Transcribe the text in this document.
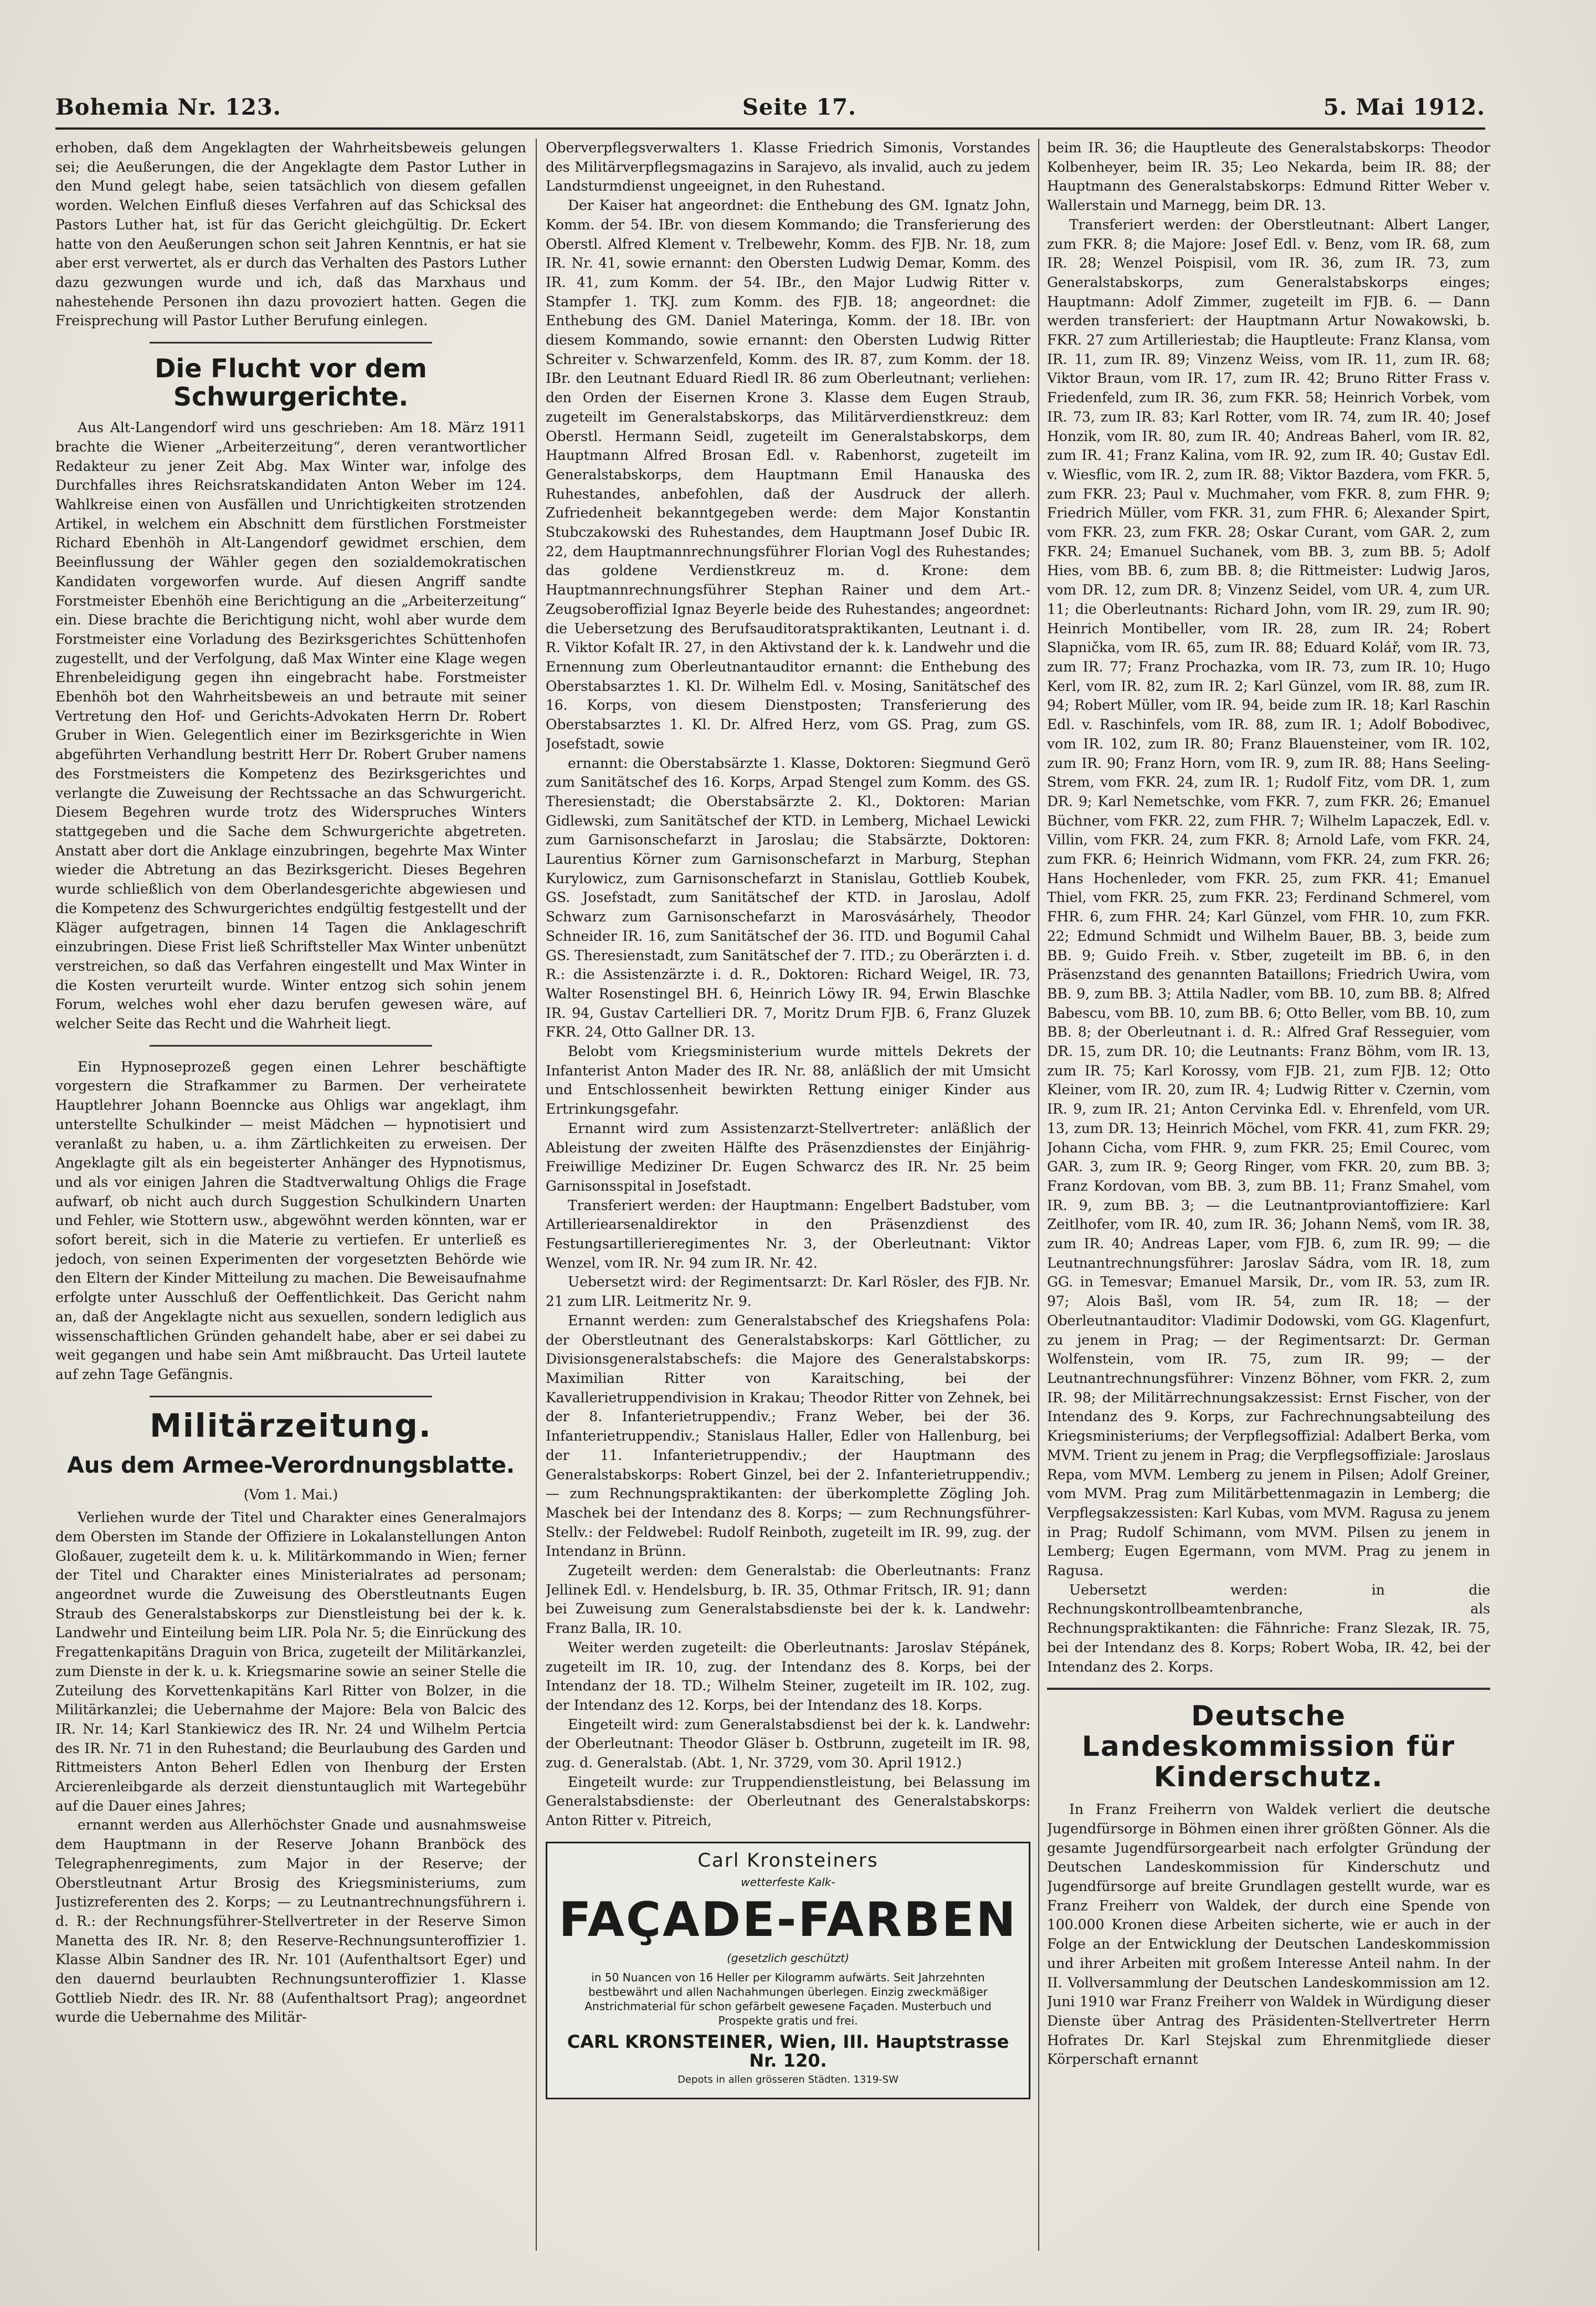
Bohemia Nr. 123.	Seite 17.	5. Mai 1912.

erhoben, daß dem Angeklagten der Wahrheitsbeweis gelungen sei; die Aeußerungen, die der Angeklagte dem Pastor Luther in den Mund gelegt habe, seien tatsächlich von diesem gefallen worden. Welchen Einfluß dieses Verfahren auf das Schicksal des Pastors Luther hat, ist für das Gericht gleichgültig. Dr. Eckert hatte von den Aeußerungen schon seit Jahren Kenntnis, er hat sie aber erst verwertet, als er durch das Verhalten des Pastors Luther dazu gezwungen wurde und ich, daß das Marxhaus und nahestehende Personen ihn dazu provoziert hatten. Gegen die Freisprechung will Pastor Luther Berufung einlegen.

Die Flucht vor dem Schwurgerichte.

Aus Alt-Langendorf wird uns geschrieben: Am 18. März 1911 brachte die Wiener „Arbeiterzeitung“, deren verantwortlicher Redakteur zu jener Zeit Abg. Max Winter war, infolge des Durchfalles ihres Reichsratskandidaten Anton Weber im 124. Wahlkreise einen von Ausfällen und Unrichtigkeiten strotzenden Artikel, in welchem ein Abschnitt dem fürstlichen Forstmeister Richard Ebenhöh in Alt-Langendorf gewidmet erschien, dem Beeinflussung der Wähler gegen den sozialdemokratischen Kandidaten vorgeworfen wurde. Auf diesen Angriff sandte Forstmeister Ebenhöh eine Berichtigung an die „Arbeiterzeitung“ ein. Diese brachte die Berichtigung nicht, wohl aber wurde dem Forstmeister eine Vorladung des Bezirksgerichtes Schüttenhofen zugestellt, und der Verfolgung, daß Max Winter eine Klage wegen Ehrenbeleidigung gegen ihn eingebracht habe. Forstmeister Ebenhöh bot den Wahrheitsbeweis an und betraute mit seiner Vertretung den Hof- und Gerichts-Advokaten Herrn Dr. Robert Gruber in Wien. Gelegentlich einer im Bezirksgerichte in Wien abgeführten Verhandlung bestritt Herr Dr. Robert Gruber namens des Forstmeisters die Kompetenz des Bezirksgerichtes und verlangte die Zuweisung der Rechtssache an das Schwurgericht. Diesem Begehren wurde trotz des Widerspruches Winters stattgegeben und die Sache dem Schwurgerichte abgetreten. Anstatt aber dort die Anklage einzubringen, begehrte Max Winter wieder die Abtretung an das Bezirksgericht. Dieses Begehren wurde schließlich von dem Oberlandesgerichte abgewiesen und die Kompetenz des Schwurgerichtes endgültig festgestellt und der Kläger aufgetragen, binnen 14 Tagen die Anklageschrift einzubringen. Diese Frist ließ Schriftsteller Max Winter unbenützt verstreichen, so daß das Verfahren eingestellt und Max Winter in die Kosten verurteilt wurde. Winter entzog sich sohin jenem Forum, welches wohl eher dazu berufen gewesen wäre, auf welcher Seite das Recht und die Wahrheit liegt.

Ein Hypnoseprozeß gegen einen Lehrer beschäftigte vorgestern die Strafkammer zu Barmen. Der verheiratete Hauptlehrer Johann Boenncke aus Ohligs war angeklagt, ihm unterstellte Schulkinder — meist Mädchen — hypnotisiert und veranlaßt zu haben, u. a. ihm Zärtlichkeiten zu erweisen. Der Angeklagte gilt als ein begeisterter Anhänger des Hypnotismus, und als vor einigen Jahren die Stadtverwaltung Ohligs die Frage aufwarf, ob nicht auch durch Suggestion Schulkindern Unarten und Fehler, wie Stottern usw., abgewöhnt werden könnten, war er sofort bereit, sich in die Materie zu vertiefen. Er unterließ es jedoch, von seinen Experimenten der vorgesetzten Behörde wie den Eltern der Kinder Mitteilung zu machen. Die Beweisaufnahme erfolgte unter Ausschluß der Oeffentlichkeit. Das Gericht nahm an, daß der Angeklagte nicht aus sexuellen, sondern lediglich aus wissenschaftlichen Gründen gehandelt habe, aber er sei dabei zu weit gegangen und habe sein Amt mißbraucht. Das Urteil lautete auf zehn Tage Gefängnis.

Militärzeitung.
Aus dem Armee-Verordnungsblatte.
(Vom 1. Mai.)

Verliehen wurde der Titel und Charakter eines Generalmajors dem Obersten im Stande der Offiziere in Lokalanstellungen Anton Gloßauer, zugeteilt dem k. u. k. Militärkommando in Wien; ferner der Titel und Charakter eines Ministerialrates ad personam; angeordnet wurde die Zuweisung des Oberstleutnants Eugen Straub des Generalstabskorps zur Dienstleistung bei der k. k. Landwehr und Einteilung beim LIR. Pola Nr. 5; die Einrückung des Fregattenkapitäns Draguin von Brica, zugeteilt der Militärkanzlei, zum Dienste in der k. u. k. Kriegsmarine sowie an seiner Stelle die Zuteilung des Korvettenkapitäns Karl Ritter von Bolzer, in die Militärkanzlei; die Uebernahme der Majore: Bela von Balcic des IR. Nr. 14; Karl Stankiewicz des IR. Nr. 24 und Wilhelm Pertcia des IR. Nr. 71 in den Ruhestand; die Beurlaubung des Garden und Rittmeisters Anton Beherl Edlen von Ihenburg der Ersten Arcierenleibgarde als derzeit dienstuntauglich mit Wartegebühr auf die Dauer eines Jahres;

ernannt werden aus Allerhöchster Gnade und ausnahmsweise dem Hauptmann in der Reserve Johann Branböck des Telegraphenregiments, zum Major in der Reserve; der Oberstleutnant Artur Brosig des Kriegsministeriums, zum Justizreferenten des 2. Korps; — zu Leutnantrechnungsführern i. d. R.: der Rechnungsführer-Stellvertreter in der Reserve Simon Manetta des IR. Nr. 8; den Reserve-Rechnungsunteroffizier 1. Klasse Albin Sandner des IR. Nr. 101 (Aufenthaltsort Eger) und den dauernd beurlaubten Rechnungsunteroffizier 1. Klasse Gottlieb Niedr. des IR. Nr. 88 (Aufenthaltsort Prag); angeordnet wurde die Uebernahme des Militär-

Oberverpflegsverwalters 1. Klasse Friedrich Simonis, Vorstandes des Militärverpflegsmagazins in Sarajevo, als invalid, auch zu jedem Landsturmdienst ungeeignet, in den Ruhestand.

Der Kaiser hat angeordnet: die Enthebung des GM. Ignatz John, Komm. der 54. IBr. von diesem Kommando; die Transferierung des Oberstl. Alfred Klement v. Trelbewehr, Komm. des FJB. Nr. 18, zum IR. Nr. 41, sowie ernannt: den Obersten Ludwig Demar, Komm. des IR. 41, zum Komm. der 54. IBr., den Major Ludwig Ritter v. Stampfer 1. TKJ. zum Komm. des FJB. 18; angeordnet: die Enthebung des GM. Daniel Materinga, Komm. der 18. IBr. von diesem Kommando, sowie ernannt: den Obersten Ludwig Ritter Schreiter v. Schwarzenfeld, Komm. des IR. 87, zum Komm. der 18. IBr. den Leutnant Eduard Riedl IR. 86 zum Oberleutnant; verliehen: den Orden der Eisernen Krone 3. Klasse dem Eugen Straub, zugeteilt im Generalstabskorps, das Militärverdienstkreuz: dem Oberstl. Hermann Seidl, zugeteilt im Generalstabskorps, dem Hauptmann Alfred Brosan Edl. v. Rabenhorst, zugeteilt im Generalstabskorps, dem Hauptmann Emil Hanauska des Ruhestandes, anbefohlen, daß der Ausdruck der allerh. Zufriedenheit bekanntgegeben werde: dem Major Konstantin Stubczakowski des Ruhestandes, dem Hauptmann Josef Dubic IR. 22, dem Hauptmannrechnungsführer Florian Vogl des Ruhestandes; das goldene Verdienstkreuz m. d. Krone: dem Hauptmannrechnungsführer Stephan Rainer und dem Art.-Zeugsoberoffizial Ignaz Beyerle beide des Ruhestandes; angeordnet: die Uebersetzung des Berufsauditoratspraktikanten, Leutnant i. d. R. Viktor Kofalt IR. 27, in den Aktivstand der k. k. Landwehr und die Ernennung zum Oberleutnantauditor ernannt: die Enthebung des Oberstabsarztes 1. Kl. Dr. Wilhelm Edl. v. Mosing, Sanitätschef des 16. Korps, von diesem Dienstposten; Transferierung des Oberstabsarztes 1. Kl. Dr. Alfred Herz, vom GS. Prag, zum GS. Josefstadt, sowie

ernannt: die Oberstabsärzte 1. Klasse, Doktoren: Siegmund Gerö zum Sanitätschef des 16. Korps, Arpad Stengel zum Komm. des GS. Theresienstadt; die Oberstabsärzte 2. Kl., Doktoren: Marian Gidlewski, zum Sanitätschef der KTD. in Lemberg, Michael Lewicki zum Garnisonschefarzt in Jaroslau; die Stabsärzte, Doktoren: Laurentius Körner zum Garnisonschefarzt in Marburg, Stephan Kurylowicz, zum Garnisonschefarzt in Stanislau, Gottlieb Koubek, GS. Josefstadt, zum Sanitätschef der KTD. in Jaroslau, Adolf Schwarz zum Garnisonschefarzt in Marosvásárhely, Theodor Schneider IR. 16, zum Sanitätschef der 36. ITD. und Bogumil Cahal GS. Theresienstadt, zum Sanitätschef der 7. ITD.; zu Oberärzten i. d. R.: die Assistenzärzte i. d. R., Doktoren: Richard Weigel, IR. 73, Walter Rosenstingel BH. 6, Heinrich Löwy IR. 94, Erwin Blaschke IR. 94, Gustav Cartellieri DR. 7, Moritz Drum FJB. 6, Franz Gluzek FKR. 24, Otto Gallner DR. 13.

Belobt vom Kriegsministerium wurde mittels Dekrets der Infanterist Anton Mader des IR. Nr. 88, anläßlich der mit Umsicht und Entschlossenheit bewirkten Rettung einiger Kinder aus Ertrinkungsgefahr.

Ernannt wird zum Assistenzarzt-Stellvertreter: anläßlich der Ableistung der zweiten Hälfte des Präsenzdienstes der Einjährig-Freiwillige Mediziner Dr. Eugen Schwarcz des IR. Nr. 25 beim Garnisonsspital in Josefstadt.

Transferiert werden: der Hauptmann: Engelbert Badstuber, vom Artilleriearsenaldirektor in den Präsenzdienst des Festungsartillerieregimentes Nr. 3, der Oberleutnant: Viktor Wenzel, vom IR. Nr. 94 zum IR. Nr. 42.

Uebersetzt wird: der Regimentsarzt: Dr. Karl Rösler, des FJB. Nr. 21 zum LIR. Leitmeritz Nr. 9.

Ernannt werden: zum Generalstabschef des Kriegshafens Pola: der Oberstleutnant des Generalstabskorps: Karl Göttlicher, zu Divisionsgeneralstabschefs: die Majore des Generalstabskorps: Maximilian Ritter von Karaitsching, bei der Kavallerietruppendivision in Krakau; Theodor Ritter von Zehnek, bei der 8. Infanterietruppendiv.; Franz Weber, bei der 36. Infanterietruppendiv.; Stanislaus Haller, Edler von Hallenburg, bei der 11. Infanterietruppendiv.; der Hauptmann des Generalstabskorps: Robert Ginzel, bei der 2. Infanterietruppendiv.; — zum Rechnungspraktikanten: der überkomplette Zögling Joh. Maschek bei der Intendanz des 8. Korps; — zum Rechnungsführer-Stellv.: der Feldwebel: Rudolf Reinboth, zugeteilt im IR. 99, zug. der Intendanz in Brünn.

Zugeteilt werden: dem Generalstab: die Oberleutnants: Franz Jellinek Edl. v. Hendelsburg, b. IR. 35, Othmar Fritsch, IR. 91; dann bei Zuweisung zum Generalstabsdienste bei der k. k. Landwehr: Franz Balla, IR. 10.

Weiter werden zugeteilt: die Oberleutnants: Jaroslav Stépánek, zugeteilt im IR. 10, zug. der Intendanz des 8. Korps, bei der Intendanz der 18. TD.; Wilhelm Steiner, zugeteilt im IR. 102, zug. der Intendanz des 12. Korps, bei der Intendanz des 18. Korps.

Eingeteilt wird: zum Generalstabsdienst bei der k. k. Landwehr: der Oberleutnant: Theodor Gläser b. Ostbrunn, zugeteilt im IR. 98, zug. d. Generalstab. (Abt. 1, Nr. 3729, vom 30. April 1912.)

Eingeteilt wurde: zur Truppendienstleistung, bei Belassung im Generalstabsdienste: der Oberleutnant des Generalstabskorps: Anton Ritter v. Pitreich,

Carl Kronsteiners
wetterfeste Kalk-
FAÇADE-FARBEN
(gesetzlich geschützt)
in 50 Nuancen von 16 Heller per Kilogramm aufwärts. Seit Jahrzehnten bestbewährt und allen Nachahmungen überlegen. Einzig zweckmäßiger Anstrichmaterial für schon gefärbelt gewesene Façaden. Musterbuch und Prospekte gratis und frei.
CARL KRONSTEINER, Wien, III. Hauptstrasse Nr. 120.
Depots in allen grösseren Städten. 1319-SW

beim IR. 36; die Hauptleute des Generalstabskorps: Theodor Kolbenheyer, beim IR. 35; Leo Nekarda, beim IR. 88; der Hauptmann des Generalstabskorps: Edmund Ritter Weber v. Wallerstain und Marnegg, beim DR. 13.

Transferiert werden: der Oberstleutnant: Albert Langer, zum FKR. 8; die Majore: Josef Edl. v. Benz, vom IR. 68, zum IR. 28; Wenzel Poispisil, vom IR. 36, zum IR. 73, zum Generalstabskorps, zum Generalstabskorps einges; Hauptmann: Adolf Zimmer, zugeteilt im FJB. 6. — Dann werden transferiert: der Hauptmann Artur Nowakowski, b. FKR. 27 zum Artilleriestab; die Hauptleute: Franz Klansa, vom IR. 11, zum IR. 89; Vinzenz Weiss, vom IR. 11, zum IR. 68; Viktor Braun, vom IR. 17, zum IR. 42; Bruno Ritter Frass v. Friedenfeld, zum IR. 36, zum FKR. 58; Heinrich Vorbek, vom IR. 73, zum IR. 83; Karl Rotter, vom IR. 74, zum IR. 40; Josef Honzik, vom IR. 80, zum IR. 40; Andreas Baherl, vom IR. 82, zum IR. 41; Franz Kalina, vom IR. 92, zum IR. 40; Gustav Edl. v. Wiesflic, vom IR. 2, zum IR. 88; Viktor Bazdera, vom FKR. 5, zum FKR. 23; Paul v. Muchmaher, vom FKR. 8, zum FHR. 9; Friedrich Müller, vom FKR. 31, zum FHR. 6; Alexander Spirt, vom FKR. 23, zum FKR. 28; Oskar Curant, vom GAR. 2, zum FKR. 24; Emanuel Suchanek, vom BB. 3, zum BB. 5; Adolf Hies, vom BB. 6, zum BB. 8; die Rittmeister: Ludwig Jaros, vom DR. 12, zum DR. 8; Vinzenz Seidel, vom UR. 4, zum UR. 11; die Oberleutnants: Richard John, vom IR. 29, zum IR. 90; Heinrich Montibeller, vom IR. 28, zum IR. 24; Robert Slapnička, vom IR. 65, zum IR. 88; Eduard Kolář, vom IR. 73, zum IR. 77; Franz Prochazka, vom IR. 73, zum IR. 10; Hugo Kerl, vom IR. 82, zum IR. 2; Karl Günzel, vom IR. 88, zum IR. 94; Robert Müller, vom IR. 94, beide zum IR. 18; Karl Raschin Edl. v. Raschinfels, vom IR. 88, zum IR. 1; Adolf Bobodivec, vom IR. 102, zum IR. 80; Franz Blauensteiner, vom IR. 102, zum IR. 90; Franz Horn, vom IR. 9, zum IR. 88; Hans Seeling-Strem, vom FKR. 24, zum IR. 1; Rudolf Fitz, vom DR. 1, zum DR. 9; Karl Nemetschke, vom FKR. 7, zum FKR. 26; Emanuel Büchner, vom FKR. 22, zum FHR. 7; Wilhelm Lapaczek, Edl. v. Villin, vom FKR. 24, zum FKR. 8; Arnold Lafe, vom FKR. 24, zum FKR. 6; Heinrich Widmann, vom FKR. 24, zum FKR. 26; Hans Hochenleder, vom FKR. 25, zum FKR. 41; Emanuel Thiel, vom FKR. 25, zum FKR. 23; Ferdinand Schmerel, vom FHR. 6, zum FHR. 24; Karl Günzel, vom FHR. 10, zum FKR. 22; Edmund Schmidt und Wilhelm Bauer, BB. 3, beide zum BB. 9; Guido Freih. v. Stber, zugeteilt im BB. 6, in den Präsenzstand des genannten Bataillons; Friedrich Uwira, vom BB. 9, zum BB. 3; Attila Nadler, vom BB. 10, zum BB. 8; Alfred Babescu, vom BB. 10, zum BB. 6; Otto Beller, vom BB. 10, zum BB. 8; der Oberleutnant i. d. R.: Alfred Graf Resseguier, vom DR. 15, zum DR. 10; die Leutnants: Franz Böhm, vom IR. 13, zum IR. 75; Karl Korossy, vom FJB. 21, zum FJB. 12; Otto Kleiner, vom IR. 20, zum IR. 4; Ludwig Ritter v. Czernin, vom IR. 9, zum IR. 21; Anton Cervinka Edl. v. Ehrenfeld, vom UR. 13, zum DR. 13; Heinrich Möchel, vom FKR. 41, zum FKR. 29; Johann Cicha, vom FHR. 9, zum FKR. 25; Emil Courec, vom GAR. 3, zum IR. 9; Georg Ringer, vom FKR. 20, zum BB. 3; Franz Kordovan, vom BB. 3, zum BB. 11; Franz Smahel, vom IR. 9, zum BB. 3; — die Leutnantproviantoffiziere: Karl Zeitlhofer, vom IR. 40, zum IR. 36; Johann Nemš, vom IR. 38, zum IR. 40; Andreas Laper, vom FJB. 6, zum IR. 99; — die Leutnantrechnungsführer: Jaroslav Sádra, vom IR. 18, zum GG. in Temesvar; Emanuel Marsik, Dr., vom IR. 53, zum IR. 97; Alois Bašl, vom IR. 54, zum IR. 18; — der Oberleutnantauditor: Vladimir Dodowski, vom GG. Klagenfurt, zu jenem in Prag; — der Regimentsarzt: Dr. German Wolfenstein, vom IR. 75, zum IR. 99; — der Leutnantrechnungsführer: Vinzenz Böhner, vom FKR. 2, zum IR. 98; der Militärrechnungsakzessist: Ernst Fischer, von der Intendanz des 9. Korps, zur Fachrechnungsabteilung des Kriegsministeriums; der Verpflegsoffizial: Adalbert Berka, vom MVM. Trient zu jenem in Prag; die Verpflegsoffiziale: Jaroslaus Repa, vom MVM. Lemberg zu jenem in Pilsen; Adolf Greiner, vom MVM. Prag zum Militärbettenmagazin in Lemberg; die Verpflegsakzessisten: Karl Kubas, vom MVM. Ragusa zu jenem in Prag; Rudolf Schimann, vom MVM. Pilsen zu jenem in Lemberg; Eugen Egermann, vom MVM. Prag zu jenem in Ragusa.

Uebersetzt werden: in die Rechnungskontrollbeamtenbranche, als Rechnungspraktikanten: die Fähnriche: Franz Slezak, IR. 75, bei der Intendanz des 8. Korps; Robert Woba, IR. 42, bei der Intendanz des 2. Korps.

Deutsche Landeskommission für Kinderschutz.

In Franz Freiherrn von Waldek verliert die deutsche Jugendfürsorge in Böhmen einen ihrer größten Gönner. Als die gesamte Jugendfürsorgearbeit nach erfolgter Gründung der Deutschen Landeskommission für Kinderschutz und Jugendfürsorge auf breite Grundlagen gestellt wurde, war es Franz Freiherr von Waldek, der durch eine Spende von 100.000 Kronen diese Arbeiten sicherte, wie er auch in der Folge an der Entwicklung der Deutschen Landeskommission und ihrer Arbeiten mit großem Interesse Anteil nahm. In der II. Vollversammlung der Deutschen Landeskommission am 12. Juni 1910 war Franz Freiherr von Waldek in Würdigung dieser Dienste über Antrag des Präsidenten-Stellvertreter Herrn Hofrates Dr. Karl Stejskal zum Ehrenmitgliede dieser Körperschaft ernannt
